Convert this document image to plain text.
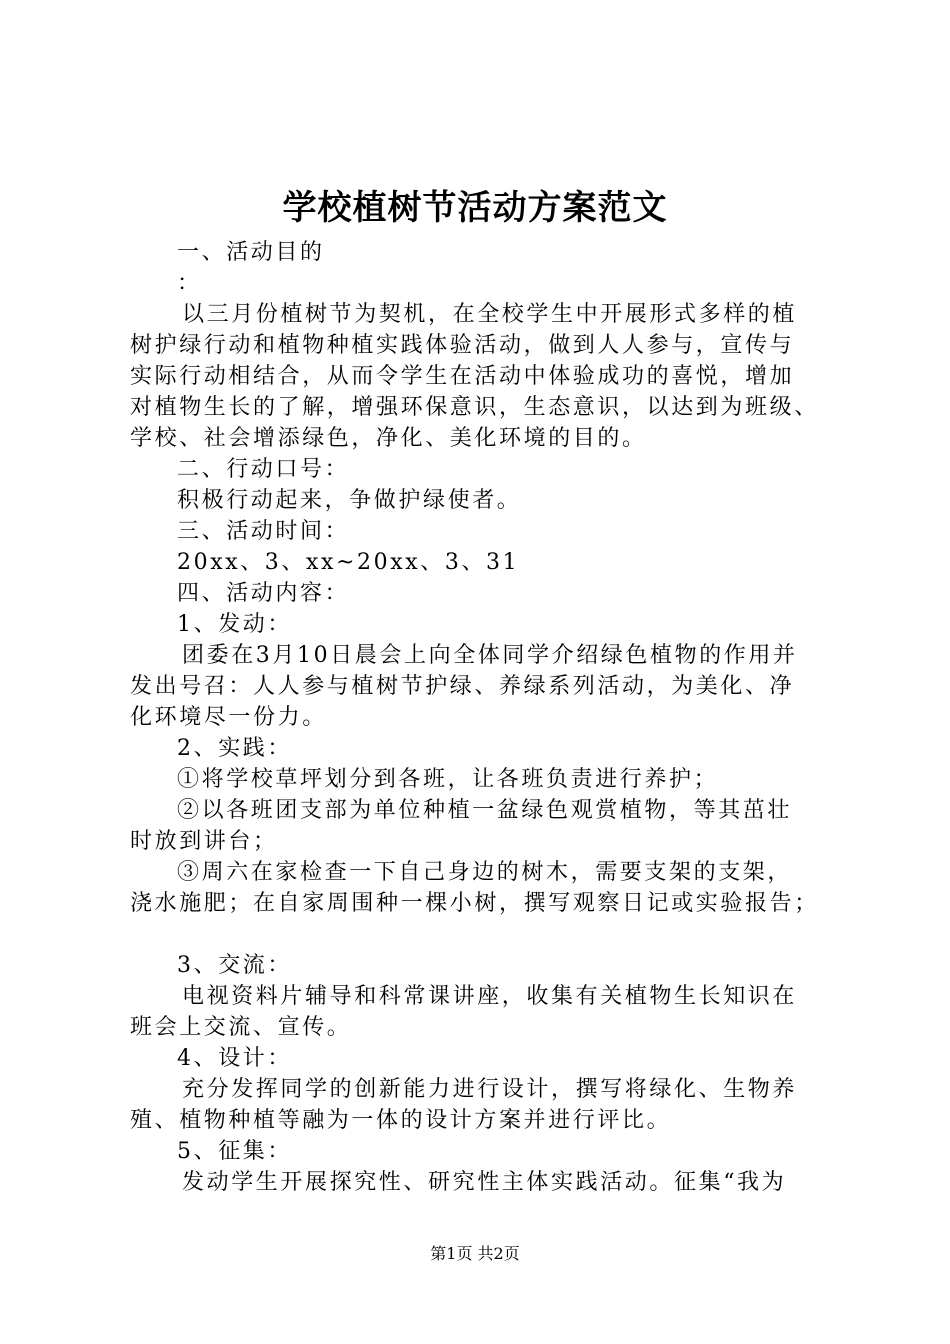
学校植树节活动方案范文
一、活动目的
：
以三月份植树节为契机，在全校学生中开展形式多样的植
树护绿行动和植物种植实践体验活动，做到人人参与，宣传与
实际行动相结合，从而令学生在活动中体验成功的喜悦，增加
对植物生长的了解，增强环保意识，生态意识，以达到为班级、
学校、社会增添绿色，净化、美化环境的目的。
二、行动口号：
积极行动起来，争做护绿使者。
三、活动时间：
20xx、3、xx~20xx、3、31
四、活动内容：
1、发动：
团委在3月10日晨会上向全体同学介绍绿色植物的作用并
发出号召：人人参与植树节护绿、养绿系列活动，为美化、净
化环境尽一份力。
2、实践：
①将学校草坪划分到各班，让各班负责进行养护；
②以各班团支部为单位种植一盆绿色观赏植物，等其茁壮
时放到讲台；
③周六在家检查一下自己身边的树木，需要支架的支架，
浇水施肥；在自家周围种一棵小树，撰写观察日记或实验报告；
3、交流：
电视资料片辅导和科常课讲座，收集有关植物生长知识在
班会上交流、宣传。
4、设计：
充分发挥同学的创新能力进行设计，撰写将绿化、生物养
殖、植物种植等融为一体的设计方案并进行评比。
5、征集：
发动学生开展探究性、研究性主体实践活动。征集“我为
第1页 共2页
